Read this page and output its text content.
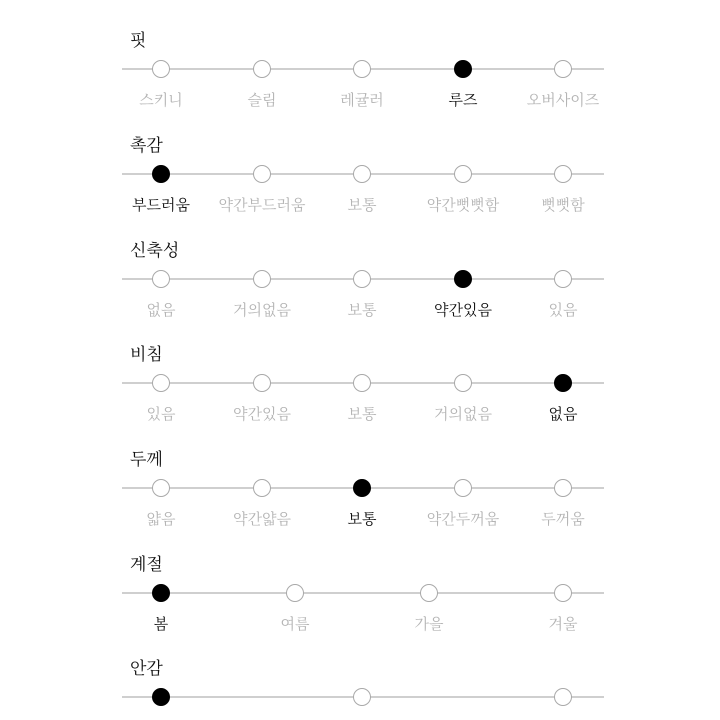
핏
스키니	슬림	레귤러	루즈	오버사이즈
촉감
부드러움 약간부드러움	보통	약간뻣뻣함	뻣뻣함
신축성
없음	거의없음	보통	약간있음	있음
비침
있음	약간있음	보통	거의없음	없음
두께
얇음	약간얇음	보통	약간두꺼움	두꺼움
계절
봄	여름	가을	겨울
안감
